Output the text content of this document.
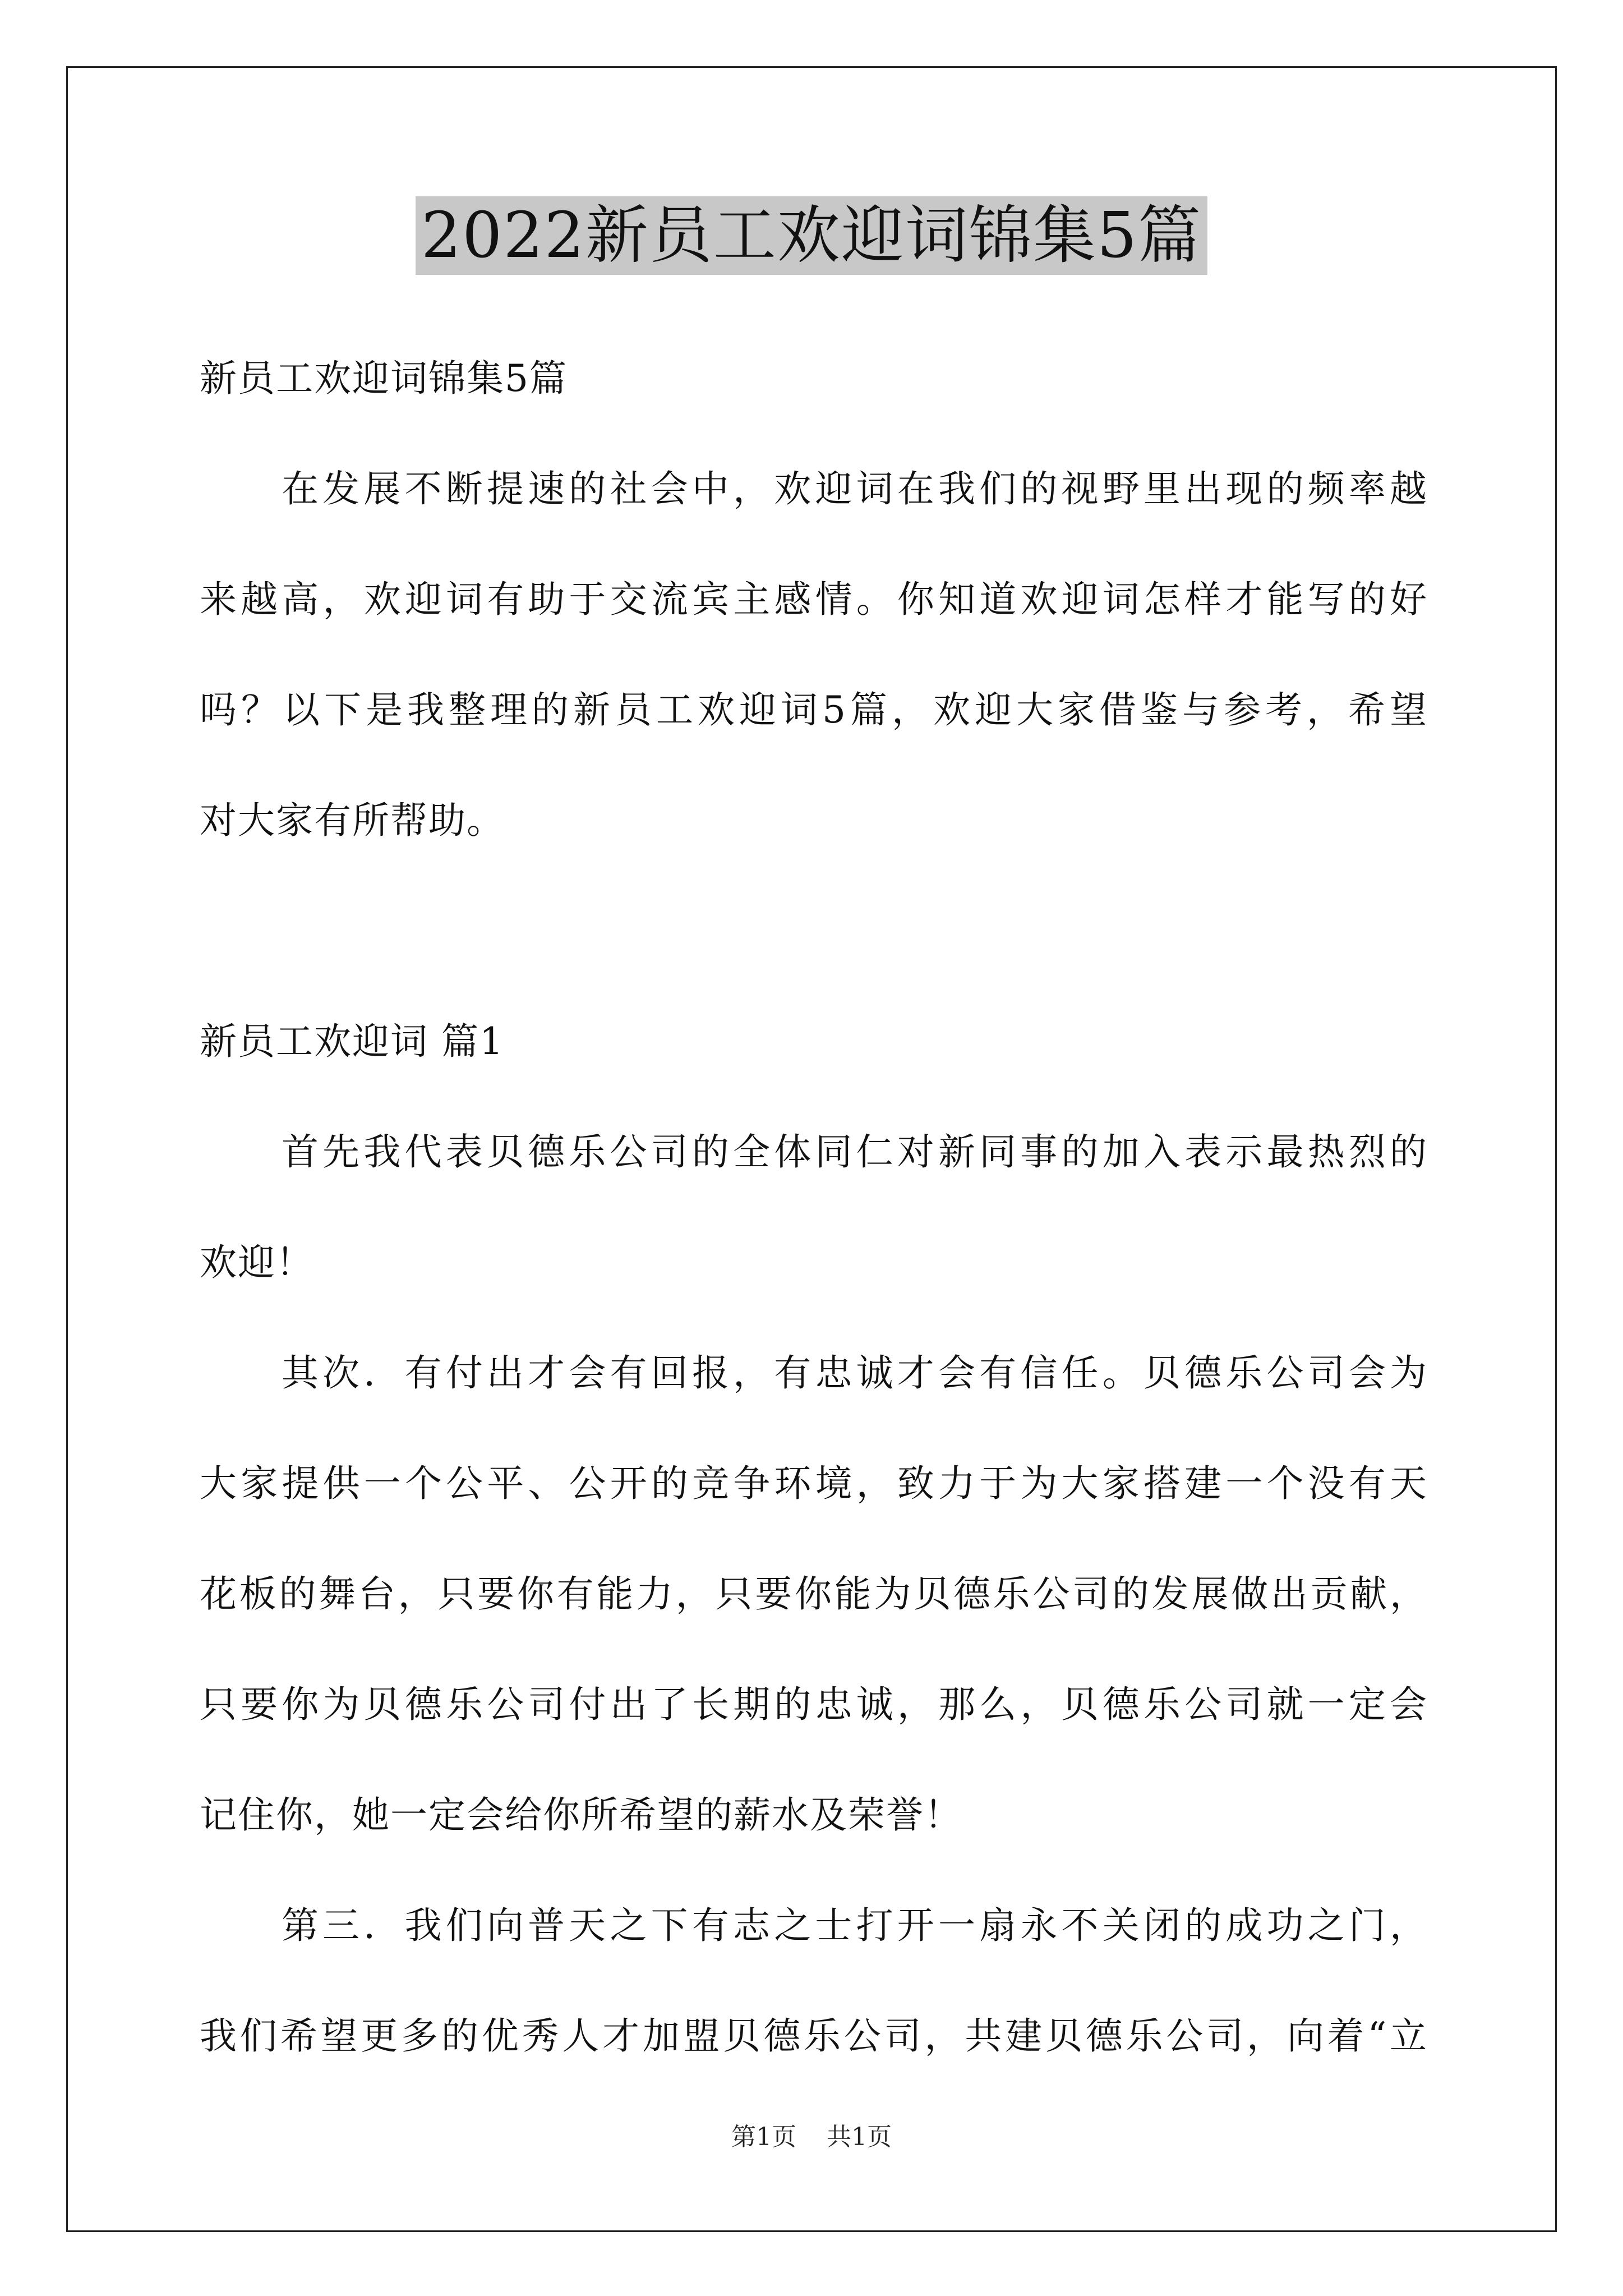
2022新员工欢迎词锦集5篇
新员工欢迎词锦集5篇
在发展不断提速的社会中，欢迎词在我们的视野里出现的频率越
来越高，欢迎词有助于交流宾主感情。你知道欢迎词怎样才能写的好
吗？以下是我整理的新员工欢迎词5篇，欢迎大家借鉴与参考，希望
对大家有所帮助。
新员工欢迎词 篇1
首先我代表贝德乐公司的全体同仁对新同事的加入表示最热烈的
欢迎！
其次．有付出才会有回报，有忠诚才会有信任。贝德乐公司会为
大家提供一个公平、公开的竞争环境，致力于为大家搭建一个没有天
花板的舞台，只要你有能力，只要你能为贝德乐公司的发展做出贡献，
只要你为贝德乐公司付出了长期的忠诚，那么，贝德乐公司就一定会
记住你，她一定会给你所希望的薪水及荣誉！
第三．我们向普天之下有志之士打开一扇永不关闭的成功之门，
我们希望更多的优秀人才加盟贝德乐公司，共建贝德乐公司，向着“立
第1页 共1页
